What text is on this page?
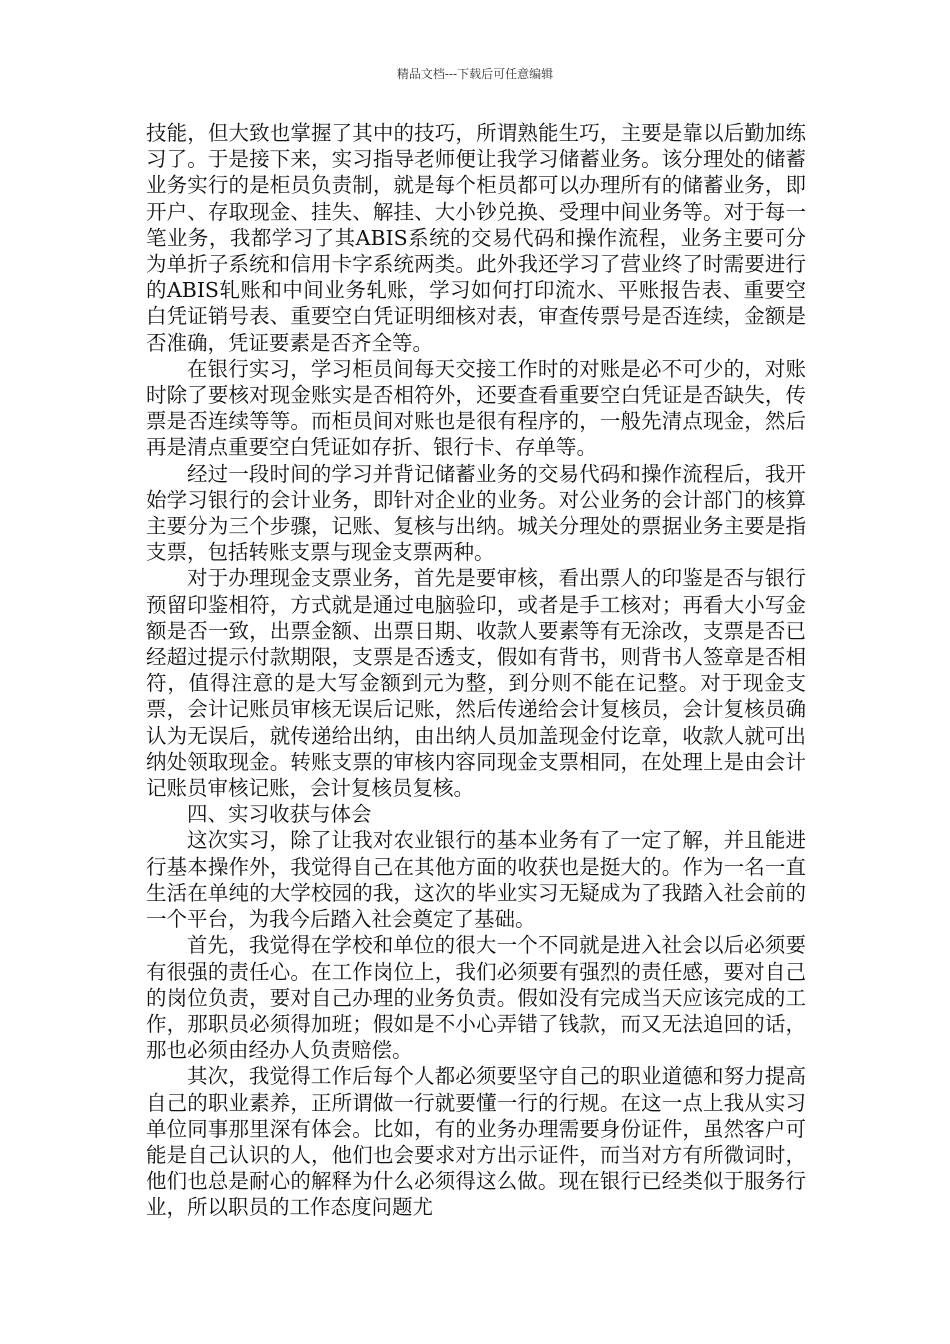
精品文档---下载后可任意编辑

技能，但大致也掌握了其中的技巧，所谓熟能生巧，主要是靠以后勤加练习了。于是接下来，实习指导老师便让我学习储蓄业务。该分理处的储蓄业务实行的是柜员负责制，就是每个柜员都可以办理所有的储蓄业务，即开户、存取现金、挂失、解挂、大小钞兑换、受理中间业务等。对于每一笔业务，我都学习了其ABIS系统的交易代码和操作流程，业务主要可分为单折子系统和信用卡字系统两类。此外我还学习了营业终了时需要进行的ABIS轧账和中间业务轧账，学习如何打印流水、平账报告表、重要空白凭证销号表、重要空白凭证明细核对表，审查传票号是否连续，金额是否准确，凭证要素是否齐全等。

在银行实习，学习柜员间每天交接工作时的对账是必不可少的，对账时除了要核对现金账实是否相符外，还要查看重要空白凭证是否缺失，传票是否连续等等。而柜员间对账也是很有程序的，一般先清点现金，然后再是清点重要空白凭证如存折、银行卡、存单等。

经过一段时间的学习并背记储蓄业务的交易代码和操作流程后，我开始学习银行的会计业务，即针对企业的业务。对公业务的会计部门的核算主要分为三个步骤，记账、复核与出纳。城关分理处的票据业务主要是指支票，包括转账支票与现金支票两种。

对于办理现金支票业务，首先是要审核，看出票人的印鉴是否与银行预留印鉴相符，方式就是通过电脑验印，或者是手工核对；再看大小写金额是否一致，出票金额、出票日期、收款人要素等有无涂改，支票是否已经超过提示付款期限，支票是否透支，假如有背书，则背书人签章是否相符，值得注意的是大写金额到元为整，到分则不能在记整。对于现金支票，会计记账员审核无误后记账，然后传递给会计复核员，会计复核员确认为无误后，就传递给出纳，由出纳人员加盖现金付讫章，收款人就可出纳处领取现金。转账支票的审核内容同现金支票相同，在处理上是由会计记账员审核记账，会计复核员复核。

四、实习收获与体会

这次实习，除了让我对农业银行的基本业务有了一定了解，并且能进行基本操作外，我觉得自己在其他方面的收获也是挺大的。作为一名一直生活在单纯的大学校园的我，这次的毕业实习无疑成为了我踏入社会前的一个平台，为我今后踏入社会奠定了基础。

首先，我觉得在学校和单位的很大一个不同就是进入社会以后必须要有很强的责任心。在工作岗位上，我们必须要有强烈的责任感，要对自己的岗位负责，要对自己办理的业务负责。假如没有完成当天应该完成的工作，那职员必须得加班；假如是不小心弄错了钱款，而又无法追回的话，那也必须由经办人负责赔偿。

其次，我觉得工作后每个人都必须要坚守自己的职业道德和努力提高自己的职业素养，正所谓做一行就要懂一行的行规。在这一点上我从实习单位同事那里深有体会。比如，有的业务办理需要身份证件，虽然客户可能是自己认识的人，他们也会要求对方出示证件，而当对方有所微词时，他们也总是耐心的解释为什么必须得这么做。现在银行已经类似于服务行业，所以职员的工作态度问题尤
